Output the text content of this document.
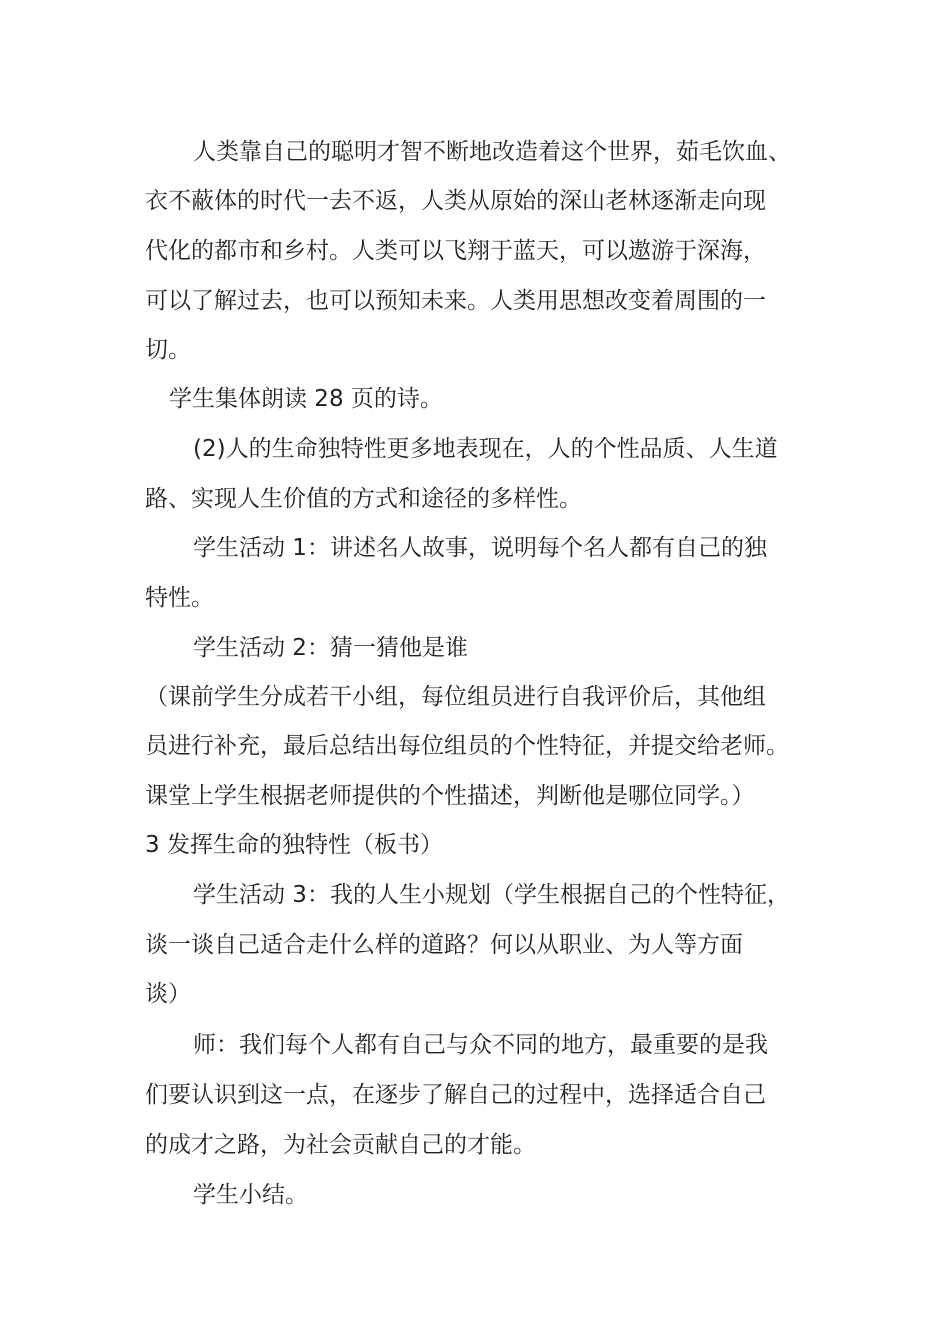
人类靠自己的聪明才智不断地改造着这个世界，茹毛饮血、
衣不蔽体的时代一去不返，人类从原始的深山老林逐渐走向现
代化的都市和乡村。人类可以飞翔于蓝天，可以遨游于深海，
可以了解过去，也可以预知未来。人类用思想改变着周围的一
切。
学生集体朗读 28 页的诗。
(2)人的生命独特性更多地表现在，人的个性品质、人生道
路、实现人生价值的方式和途径的多样性。
学生活动 1：讲述名人故事，说明每个名人都有自己的独
特性。
学生活动 2：猜一猜他是谁
（课前学生分成若干小组，每位组员进行自我评价后，其他组
员进行补充，最后总结出每位组员的个性特征，并提交给老师。
课堂上学生根据老师提供的个性描述，判断他是哪位同学。）
3 发挥生命的独特性（板书）
学生活动 3：我的人生小规划（学生根据自己的个性特征，
谈一谈自己适合走什么样的道路？何以从职业、为人等方面
谈）
师：我们每个人都有自己与众不同的地方，最重要的是我
们要认识到这一点，在逐步了解自己的过程中，选择适合自己
的成才之路，为社会贡献自己的才能。
学生小结。
